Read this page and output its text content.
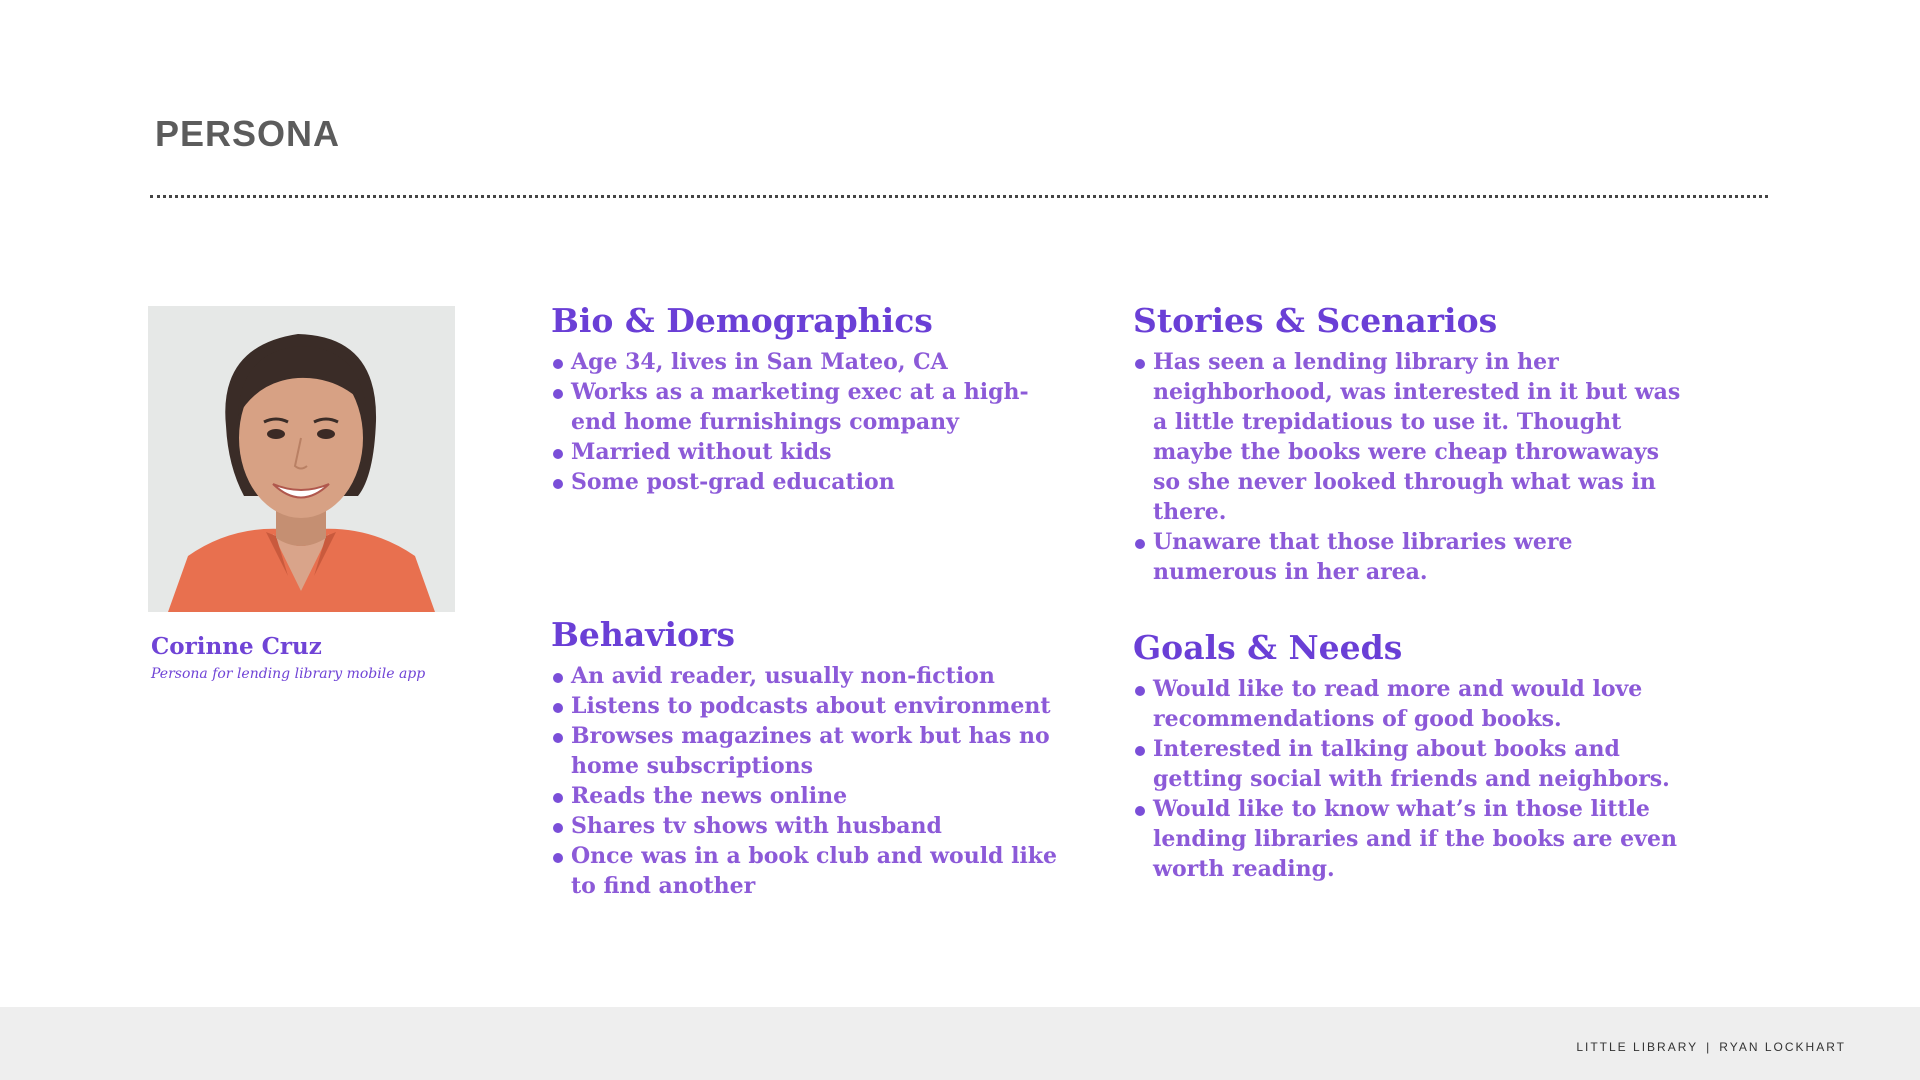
PERSONA
Corinne Cruz
Persona for lending library mobile app
Bio & Demographics
Age 34, lives in San Mateo, CA
Works as a marketing exec at a high-end home furnishings company
Married without kids
Some post-grad education
Behaviors
An avid reader, usually non-fiction
Listens to podcasts about environment
Browses magazines at work but has no home subscriptions
Reads the news online
Shares tv shows with husband
Once was in a book club and would like to find another
Stories & Scenarios
Has seen a lending library in her neighborhood, was interested in it but was a little trepidatious to use it. Thought maybe the books were cheap throwaways so she never looked through what was in there.
Unaware that those libraries were numerous in her area.
Goals & Needs
Would like to read more and would love recommendations of good books.
Interested in talking about books and getting social with friends and neighbors.
Would like to know what’s in those little lending libraries and if the books are even worth reading.
LITTLE LIBRARY | RYAN LOCKHART
